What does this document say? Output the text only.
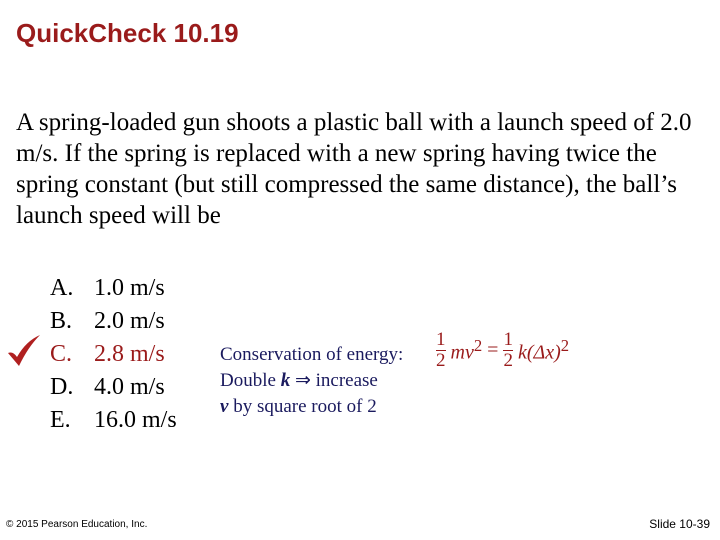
QuickCheck 10.19
A spring-loaded gun shoots a plastic ball with a launch speed of 2.0 m/s. If the spring is replaced with a new spring having twice the spring constant (but still compressed the same distance), the ball’s launch speed will be
A. 1.0 m/s
B. 2.0 m/s
C. 2.8 m/s
D. 4.0 m/s
E. 16.0 m/s
Conservation of energy:
Double k ⇒ increase
v by square root of 2
$\frac{1}{2} mv^2 = \frac{1}{2} k(\Delta x)^2$
© 2015 Pearson Education, Inc.	Slide 10-39
